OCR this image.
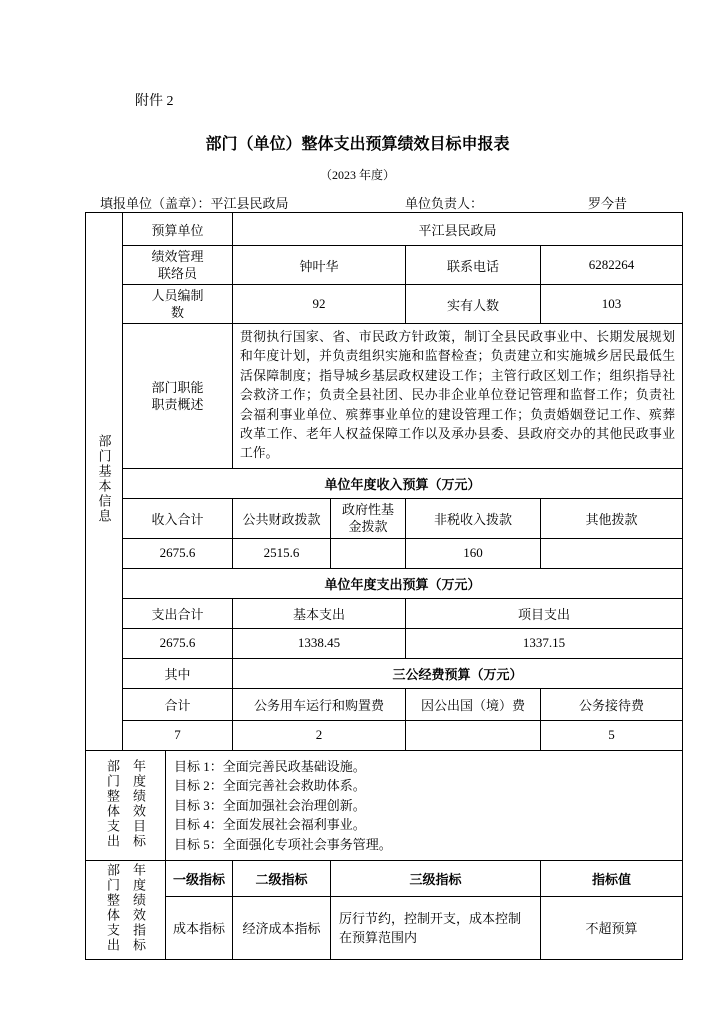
附件 2
部门（单位）整体支出预算绩效目标申报表
（2023 年度）
填报单位（盖章）：平江县民政局	单位负责人：	罗今昔
部门基本信息	预算单位	平江县民政局			
	绩效管理联络员	钟叶华		联系电话	6282264
	人员编制数	92		实有人数	103
	部门职能职责概述	贯彻执行国家、省、市民政方针政策，制订全县民政事业中、长期发展规划和年度计划，并负责组织实施和监督检查；负责建立和实施城乡居民最低生活保障制度；指导城乡基层政权建设工作；主管行政区划工作；组织指导社会救济工作；负责全县社团、民办非企业单位登记管理和监督工作；负责社会福利事业单位、殡葬事业单位的建设管理工作；负责婚姻登记工作、殡葬改革工作、老年人权益保障工作以及承办县委、县政府交办的其他民政事业工作。			
	单位年度收入预算（万元）				
	收入合计	公共财政拨款	政府性基金拨款	非税收入拨款	其他拨款
	2675.6	2515.6		160	
	单位年度支出预算（万元）				
	支出合计	基本支出		项目支出	
	2675.6	1338.45		1337.15	
	其中	三公经费预算（万元）			
	合计	公务用车运行和购置费		因公出国（境）费	公务接待费
	7	2			5
部门整体支出 年度绩效目标	目标 1：全面完善民政基础设施。
目标 2：全面完善社会救助体系。
目标 3：全面加强社会治理创新。
目标 4：全面发展社会福利事业。
目标 5：全面强化专项社会事务管理。
部门整体支出 年度绩效指标	一级指标	二级指标	三级指标	指标值
	成本指标	经济成本指标	厉行节约，控制开支，成本控制在预算范围内	不超预算
